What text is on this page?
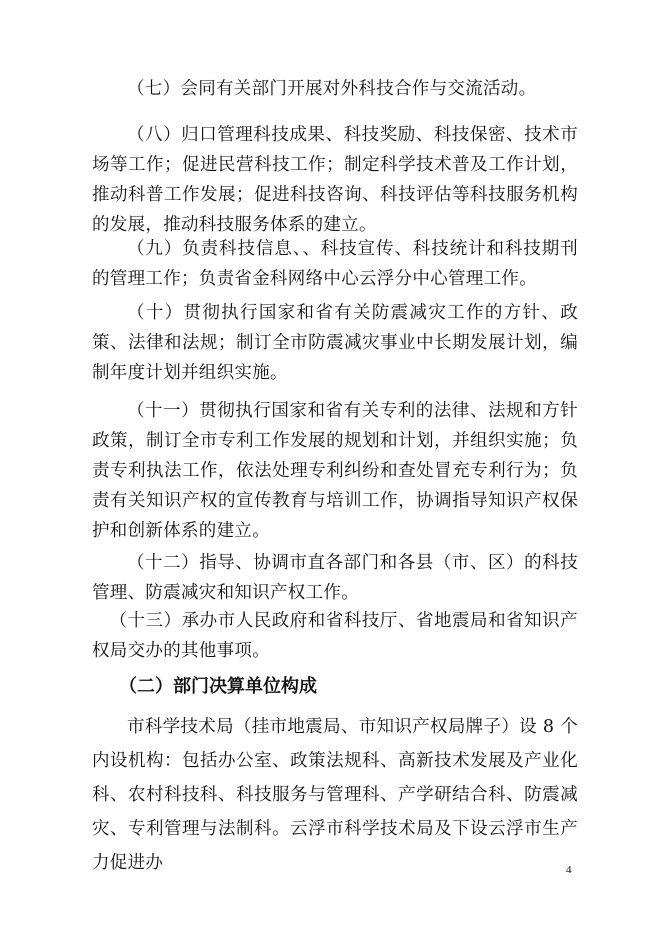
（七）会同有关部门开展对外科技合作与交流活动。

（八）归口管理科技成果、科技奖励、科技保密、技术市场等工作；促进民营科技工作；制定科学技术普及工作计划，推动科普工作发展；促进科技咨询、科技评估等科技服务机构的发展，推动科技服务体系的建立。

（九）负责科技信息、、科技宣传、科技统计和科技期刊的管理工作；负责省金科网络中心云浮分中心管理工作。

（十）贯彻执行国家和省有关防震减灾工作的方针、政策、法律和法规；制订全市防震减灾事业中长期发展计划，编制年度计划并组织实施。

（十一）贯彻执行国家和省有关专利的法律、法规和方针政策，制订全市专利工作发展的规划和计划，并组织实施；负责专利执法工作，依法处理专利纠纷和查处冒充专利行为；负责有关知识产权的宣传教育与培训工作，协调指导知识产权保护和创新体系的建立。

（十二）指导、协调市直各部门和各县（市、区）的科技管理、防震减灾和知识产权工作。

（十三）承办市人民政府和省科技厅、省地震局和省知识产权局交办的其他事项。

（二）部门决算单位构成

市科学技术局（挂市地震局、市知识产权局牌子）设 8 个内设机构：包括办公室、政策法规科、高新技术发展及产业化科、农村科技科、科技服务与管理科、产学研结合科、防震减灾、专利管理与法制科。云浮市科学技术局及下设云浮市生产力促进办	4
